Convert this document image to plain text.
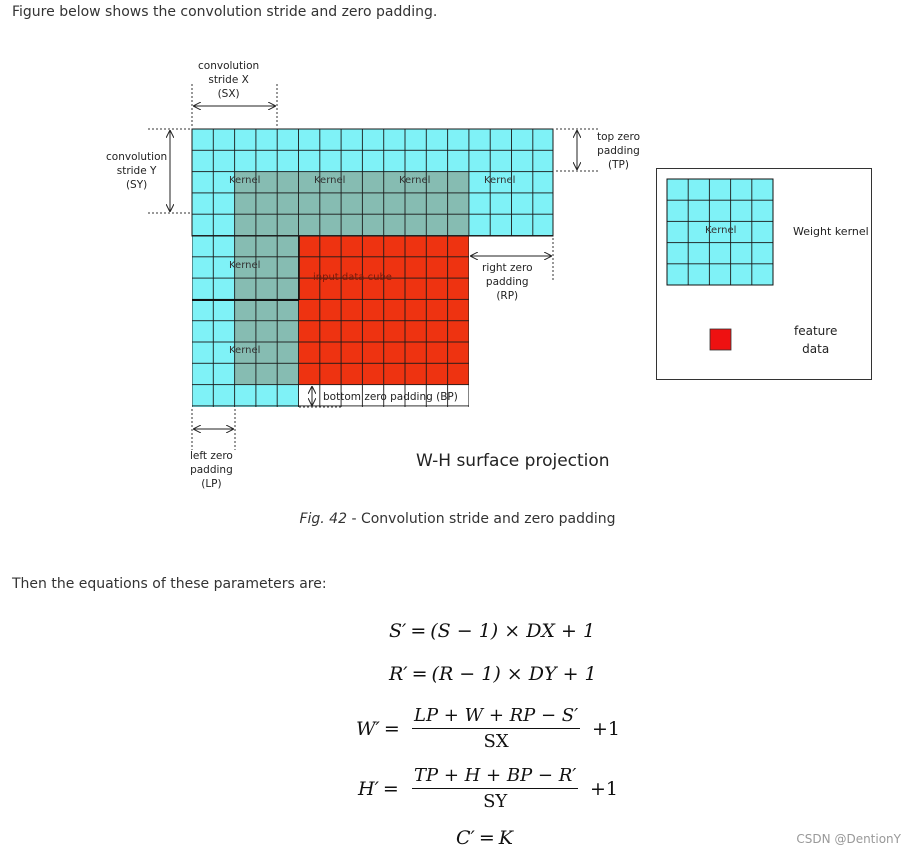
Figure below shows the convolution stride and zero padding.
convolution
stride X
(SX)
convolution
stride Y
(SY)
top zero
padding
(TP)
right zero
padding
(RP)
left zero
padding
(LP)
bottom zero padding (BP)
Kernel	Kernel	Kernel	Kernel
Kernel
Kernel
input data cube
Kernel	Weight kernel
feature
data
W-H surface projection
Fig. 42 - Convolution stride and zero padding
Then the equations of these parameters are:
S′ = (S − 1) × DX + 1
R′ = (R − 1) × DY + 1
$W' = \frac{LP + W + RP - S'}{SX} +1$
$H' = \frac{TP + H + BP - R'}{SY} +1$
C′ = K	CSDN @DentionY
